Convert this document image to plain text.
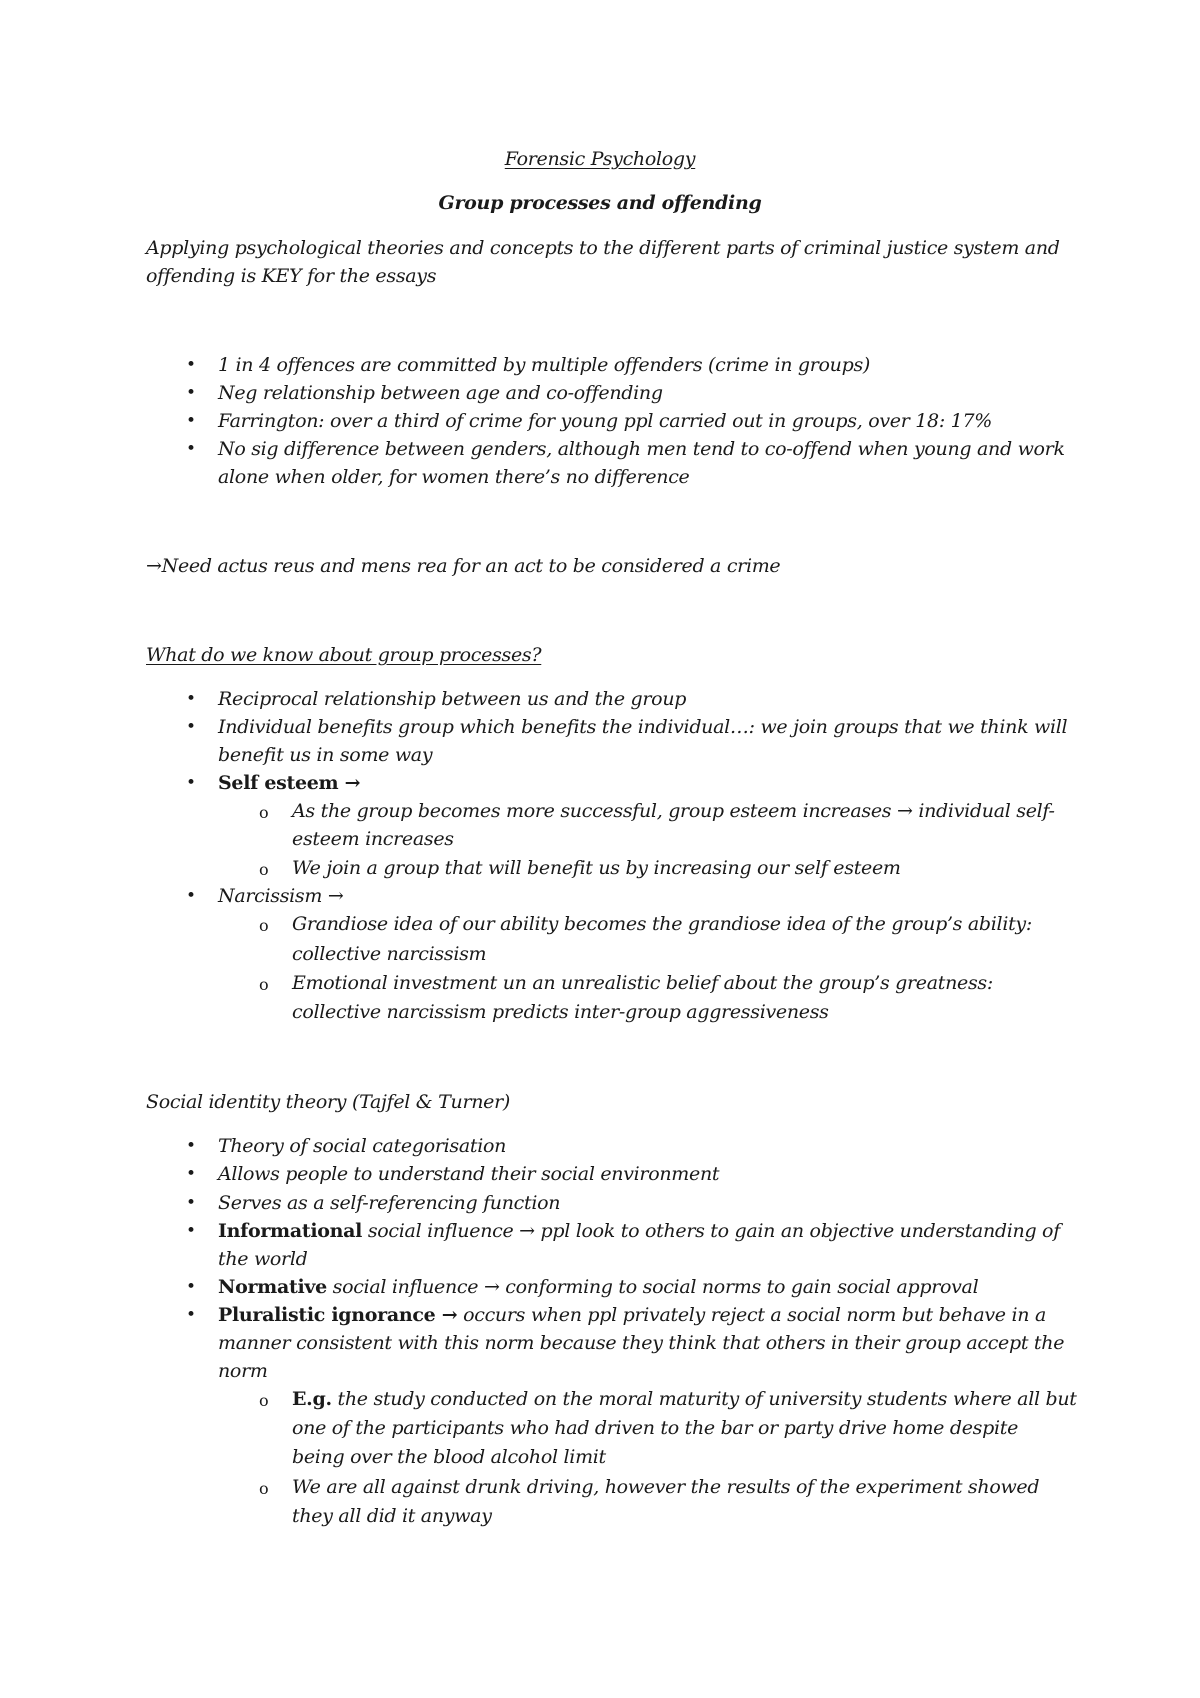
Forensic Psychology
Group processes and offending
Applying psychological theories and concepts to the different parts of criminal justice system and
offending is KEY for the essays
• 1 in 4 offences are committed by multiple offenders (crime in groups)
• Neg relationship between age and co-offending
• Farrington: over a third of crime for young ppl carried out in groups, over 18: 17%
• No sig difference between genders, although men tend to co-offend when young and work
alone when older, for women there’s no difference
→Need actus reus and mens rea for an act to be considered a crime
What do we know about group processes?
• Reciprocal relationship between us and the group
• Individual benefits group which benefits the individual…: we join groups that we think will
benefit us in some way
• Self esteem →
o As the group becomes more successful, group esteem increases → individual self-
esteem increases
o We join a group that will benefit us by increasing our self esteem
• Narcissism →
o Grandiose idea of our ability becomes the grandiose idea of the group’s ability:
collective narcissism
o Emotional investment un an unrealistic belief about the group’s greatness:
collective narcissism predicts inter-group aggressiveness
Social identity theory (Tajfel & Turner)
• Theory of social categorisation
• Allows people to understand their social environment
• Serves as a self-referencing function
• Informational social influence → ppl look to others to gain an objective understanding of
the world
• Normative social influence → conforming to social norms to gain social approval
• Pluralistic ignorance → occurs when ppl privately reject a social norm but behave in a
manner consistent with this norm because they think that others in their group accept the
norm
o E.g. the study conducted on the moral maturity of university students where all but
one of the participants who had driven to the bar or party drive home despite
being over the blood alcohol limit
o We are all against drunk driving, however the results of the experiment showed
they all did it anyway
